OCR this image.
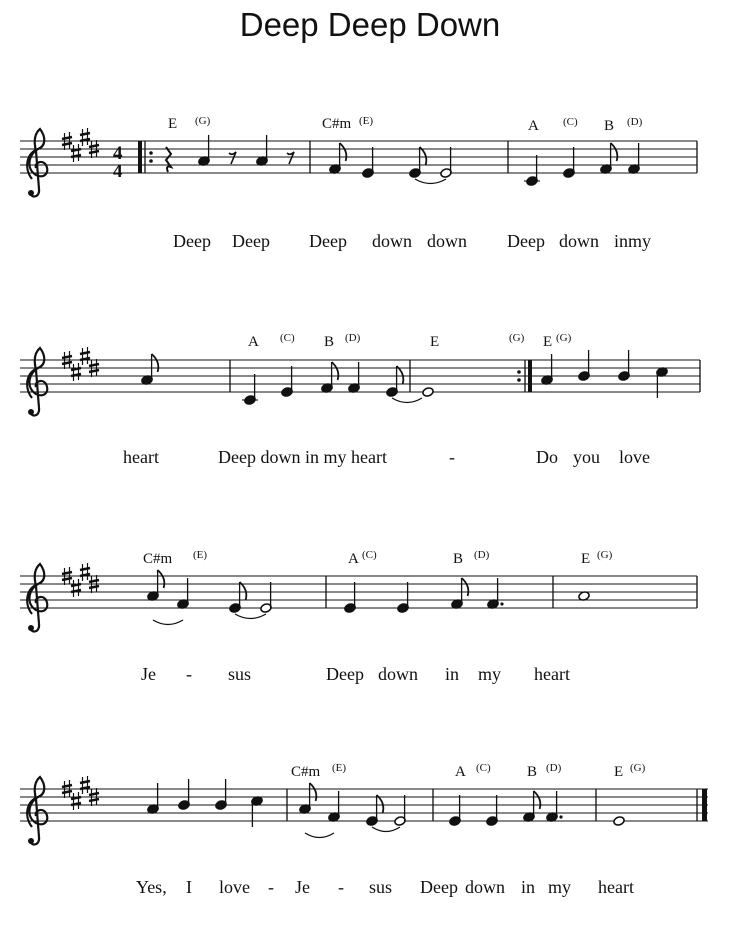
Deep Deep Down
4
4
E (G)	C#m (E)	A (C) B (D)
Deep Deep Deep down down Deep down inmy
A (C) B (D)	E	(G) E (G)
heart	Deep down in my heart	-	Do you love
C#m (E)	A (C)	B (D)	E (G)
Je - sus	Deep down in my heart
C#m (E)	A (C) B (D)	E (G)
Yes, I love - Je - sus Deep down in my heart
